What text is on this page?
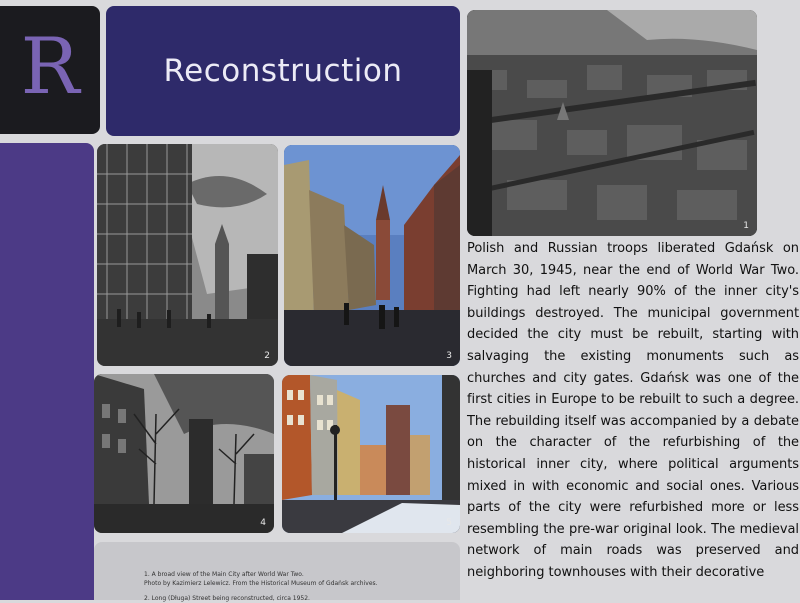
R	Reconstruction
1
2	3
4	5
Polish and Russian troops liberated Gdańsk on March 30, 1945, near the end of World War Two. Fighting had left nearly 90% of the inner city's buildings destroyed. The municipal government decided the city must be rebuilt, starting with salvaging the existing monuments such as churches and city gates. Gdańsk was one of the first cities in Europe to be rebuilt to such a degree. The rebuilding itself was accompanied by a debate on the character of the refurbishing of the historical inner city, where political arguments mixed in with economic and social ones. Various parts of the city were refurbished more or less resembling the pre-war original look. The medieval network of main roads was preserved and neighboring townhouses with their decorative

1. A broad view of the Main City after World War Two.

Photo by Kazimierz Lelewicz. From the Historical Museum of Gdańsk archives.

2. Long (Długa) Street being reconstructed, circa 1952.
